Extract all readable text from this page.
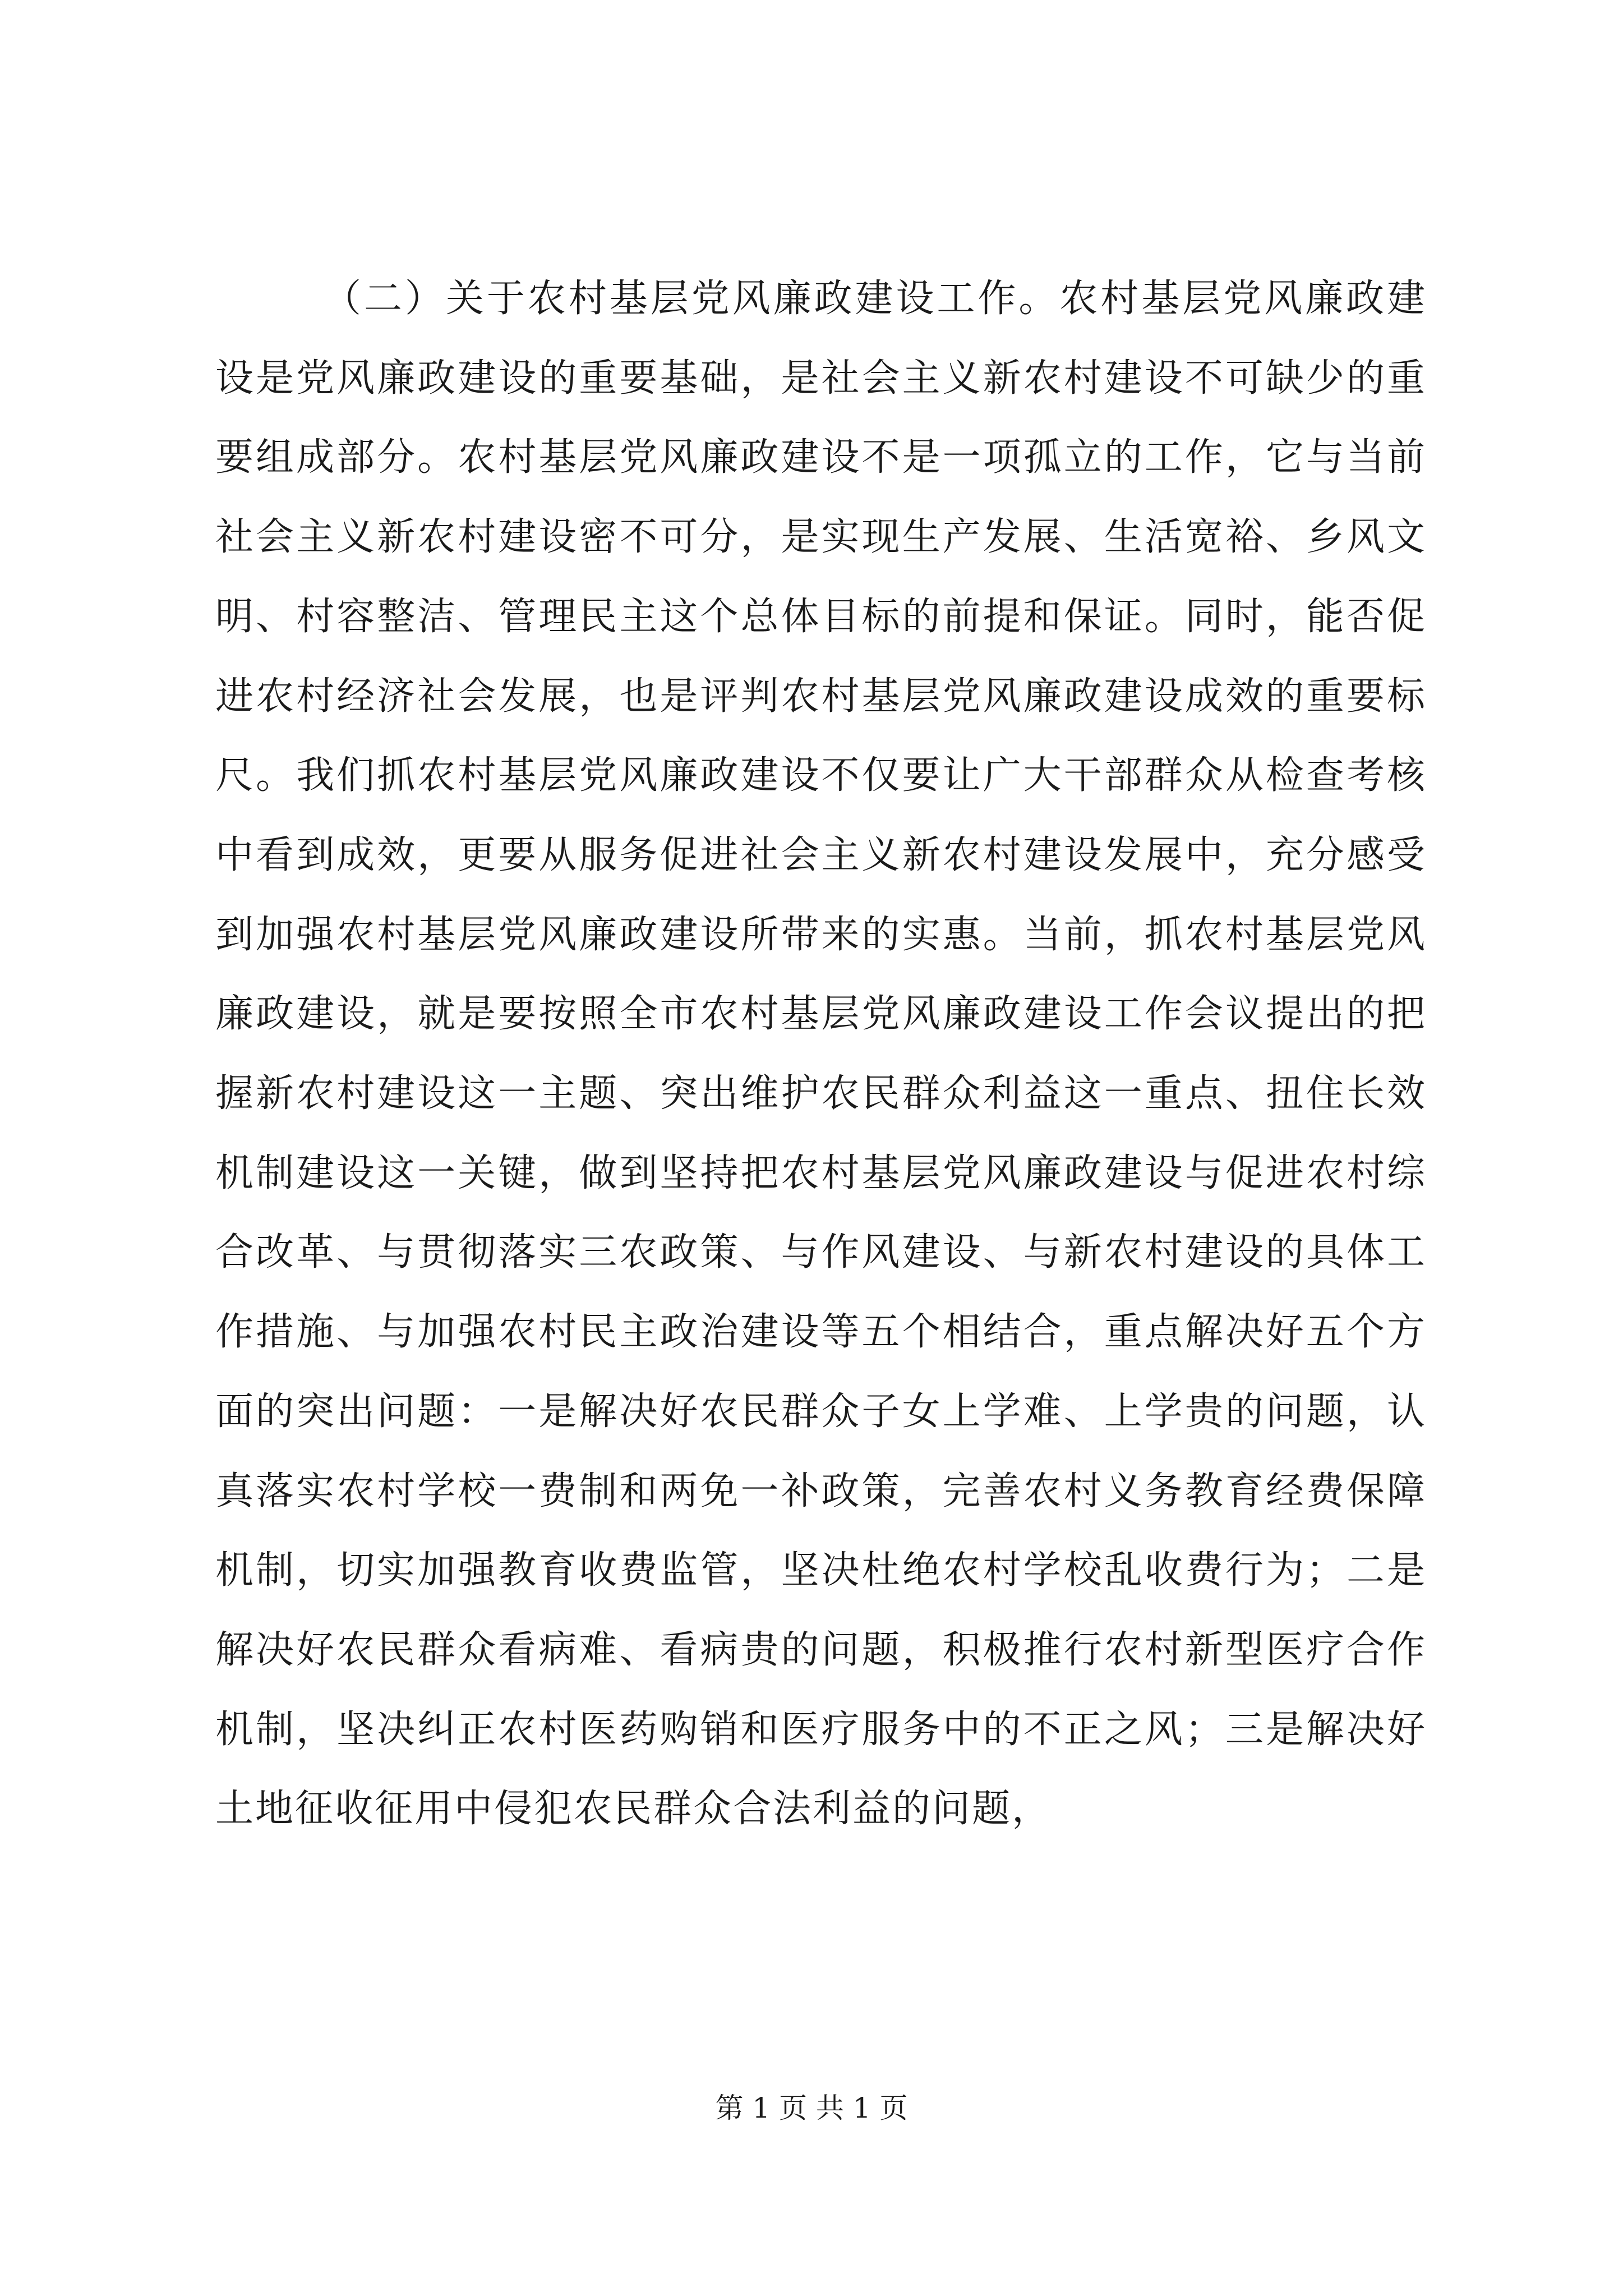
（二）关于农村基层党风廉政建设工作。农村基层党风廉政建设是党风廉政建设的重要基础，是社会主义新农村建设不可缺少的重要组成部分。农村基层党风廉政建设不是一项孤立的工作，它与当前社会主义新农村建设密不可分，是实现生产发展、生活宽裕、乡风文明、村容整洁、管理民主这个总体目标的前提和保证。同时，能否促进农村经济社会发展，也是评判农村基层党风廉政建设成效的重要标尺。我们抓农村基层党风廉政建设不仅要让广大干部群众从检查考核中看到成效，更要从服务促进社会主义新农村建设发展中，充分感受到加强农村基层党风廉政建设所带来的实惠。当前，抓农村基层党风廉政建设，就是要按照全市农村基层党风廉政建设工作会议提出的把握新农村建设这一主题、突出维护农民群众利益这一重点、扭住长效机制建设这一关键，做到坚持把农村基层党风廉政建设与促进农村综合改革、与贯彻落实三农政策、与作风建设、与新农村建设的具体工作措施、与加强农村民主政治建设等五个相结合，重点解决好五个方面的突出问题：一是解决好农民群众子女上学难、上学贵的问题，认真落实农村学校一费制和两免一补政策，完善农村义务教育经费保障机制，切实加强教育收费监管，坚决杜绝农村学校乱收费行为；二是解决好农民群众看病难、看病贵的问题，积极推行农村新型医疗合作机制，坚决纠正农村医药购销和医疗服务中的不正之风；三是解决好土地征收征用中侵犯农民群众合法利益的问题，

第 1 页 共 1 页
